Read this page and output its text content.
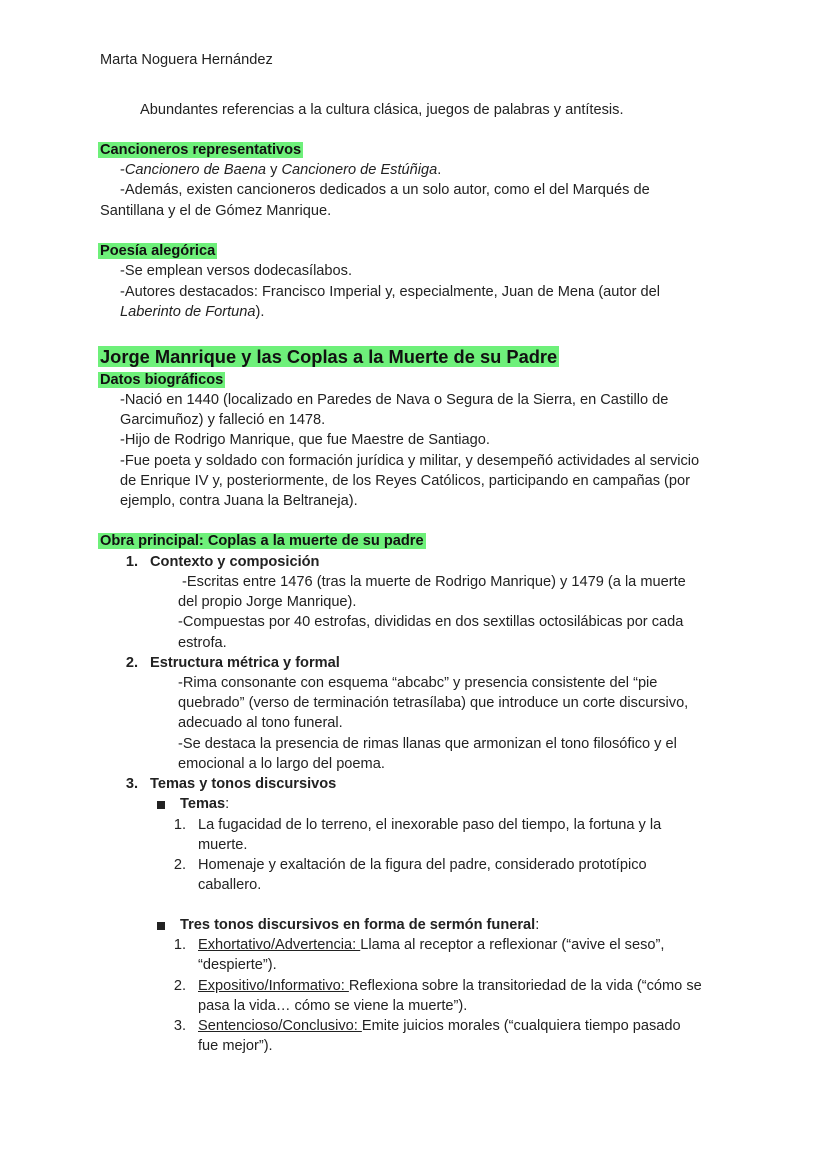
Marta Noguera Hernández
Abundantes referencias a la cultura clásica, juegos de palabras y antítesis.
Cancioneros representativos
-Cancionero de Baena y Cancionero de Estúñiga.
-Además, existen cancioneros dedicados a un solo autor, como el del Marqués de
Santillana y el de Gómez Manrique.
Poesía alegórica
-Se emplean versos dodecasílabos.
-Autores destacados: Francisco Imperial y, especialmente, Juan de Mena (autor del
Laberinto de Fortuna).
Jorge Manrique y las Coplas a la Muerte de su Padre
Datos biográficos
-Nació en 1440 (localizado en Paredes de Nava o Segura de la Sierra, en Castillo de
Garcimuñoz) y falleció en 1478.
-Hijo de Rodrigo Manrique, que fue Maestre de Santiago.
-Fue poeta y soldado con formación jurídica y militar, y desempeñó actividades al servicio
de Enrique IV y, posteriormente, de los Reyes Católicos, participando en campañas (por
ejemplo, contra Juana la Beltraneja).
Obra principal: Coplas a la muerte de su padre
1. Contexto y composición
-Escritas entre 1476 (tras la muerte de Rodrigo Manrique) y 1479 (a la muerte
del propio Jorge Manrique).
-Compuestas por 40 estrofas, divididas en dos sextillas octosilábicas por cada
estrofa.
2. Estructura métrica y formal
-Rima consonante con esquema “abcabc” y presencia consistente del “pie
quebrado” (verso de terminación tetrasílaba) que introduce un corte discursivo,
adecuado al tono funeral.
-Se destaca la presencia de rimas llanas que armonizan el tono filosófico y el
emocional a lo largo del poema.
3. Temas y tonos discursivos
Temas:
1. La fugacidad de lo terreno, el inexorable paso del tiempo, la fortuna y la
muerte.
2. Homenaje y exaltación de la figura del padre, considerado prototípico
caballero.
Tres tonos discursivos en forma de sermón funeral:
1. Exhortativo/Advertencia: Llama al receptor a reflexionar (“avive el seso”,
“despierte”).
2. Expositivo/Informativo: Reflexiona sobre la transitoriedad de la vida (“cómo se
pasa la vida… cómo se viene la muerte”).
3. Sentencioso/Conclusivo: Emite juicios morales (“cualquiera tiempo pasado
fue mejor”).
